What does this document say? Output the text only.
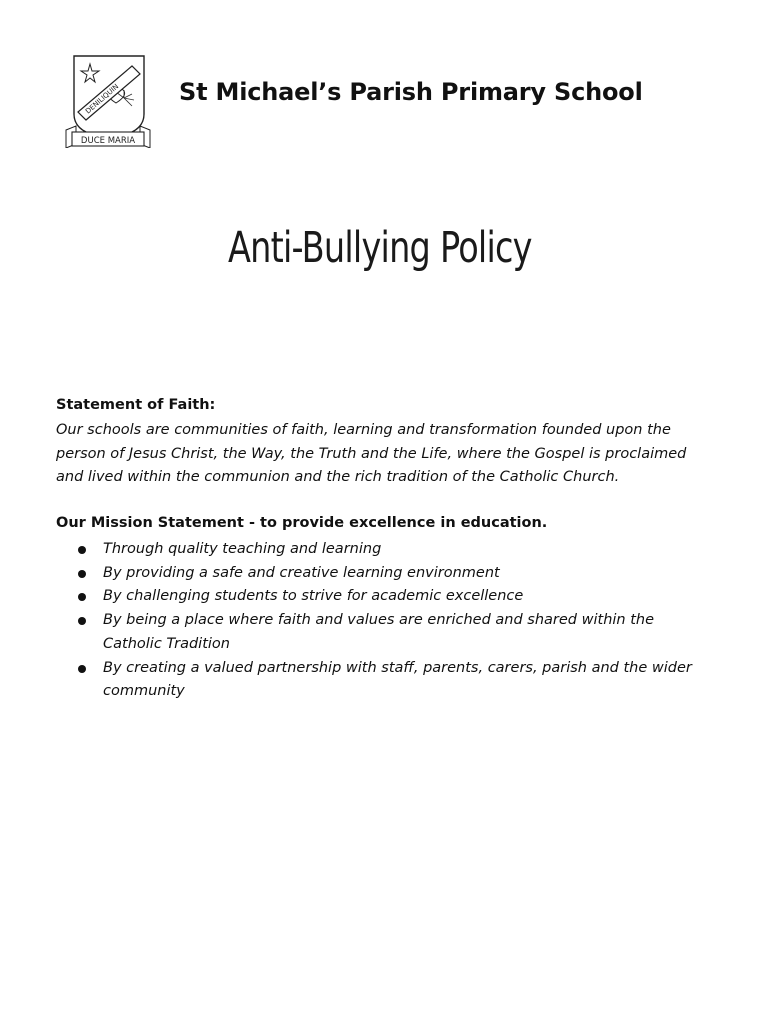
DENILIQUIN
DUCE MARIA
St Michael’s Parish Primary School
Anti-Bullying Policy
Statement of Faith:
Our schools are communities of faith, learning and transformation founded upon the
person of Jesus Christ, the Way, the Truth and the Life, where the Gospel is proclaimed
and lived within the communion and the rich tradition of the Catholic Church.
Our Mission Statement - to provide excellence in education.
Through quality teaching and learning
By providing a safe and creative learning environment
By challenging students to strive for academic excellence
By being a place where faith and values are enriched and shared within the
Catholic Tradition
By creating a valued partnership with staff, parents, carers, parish and the wider
community
